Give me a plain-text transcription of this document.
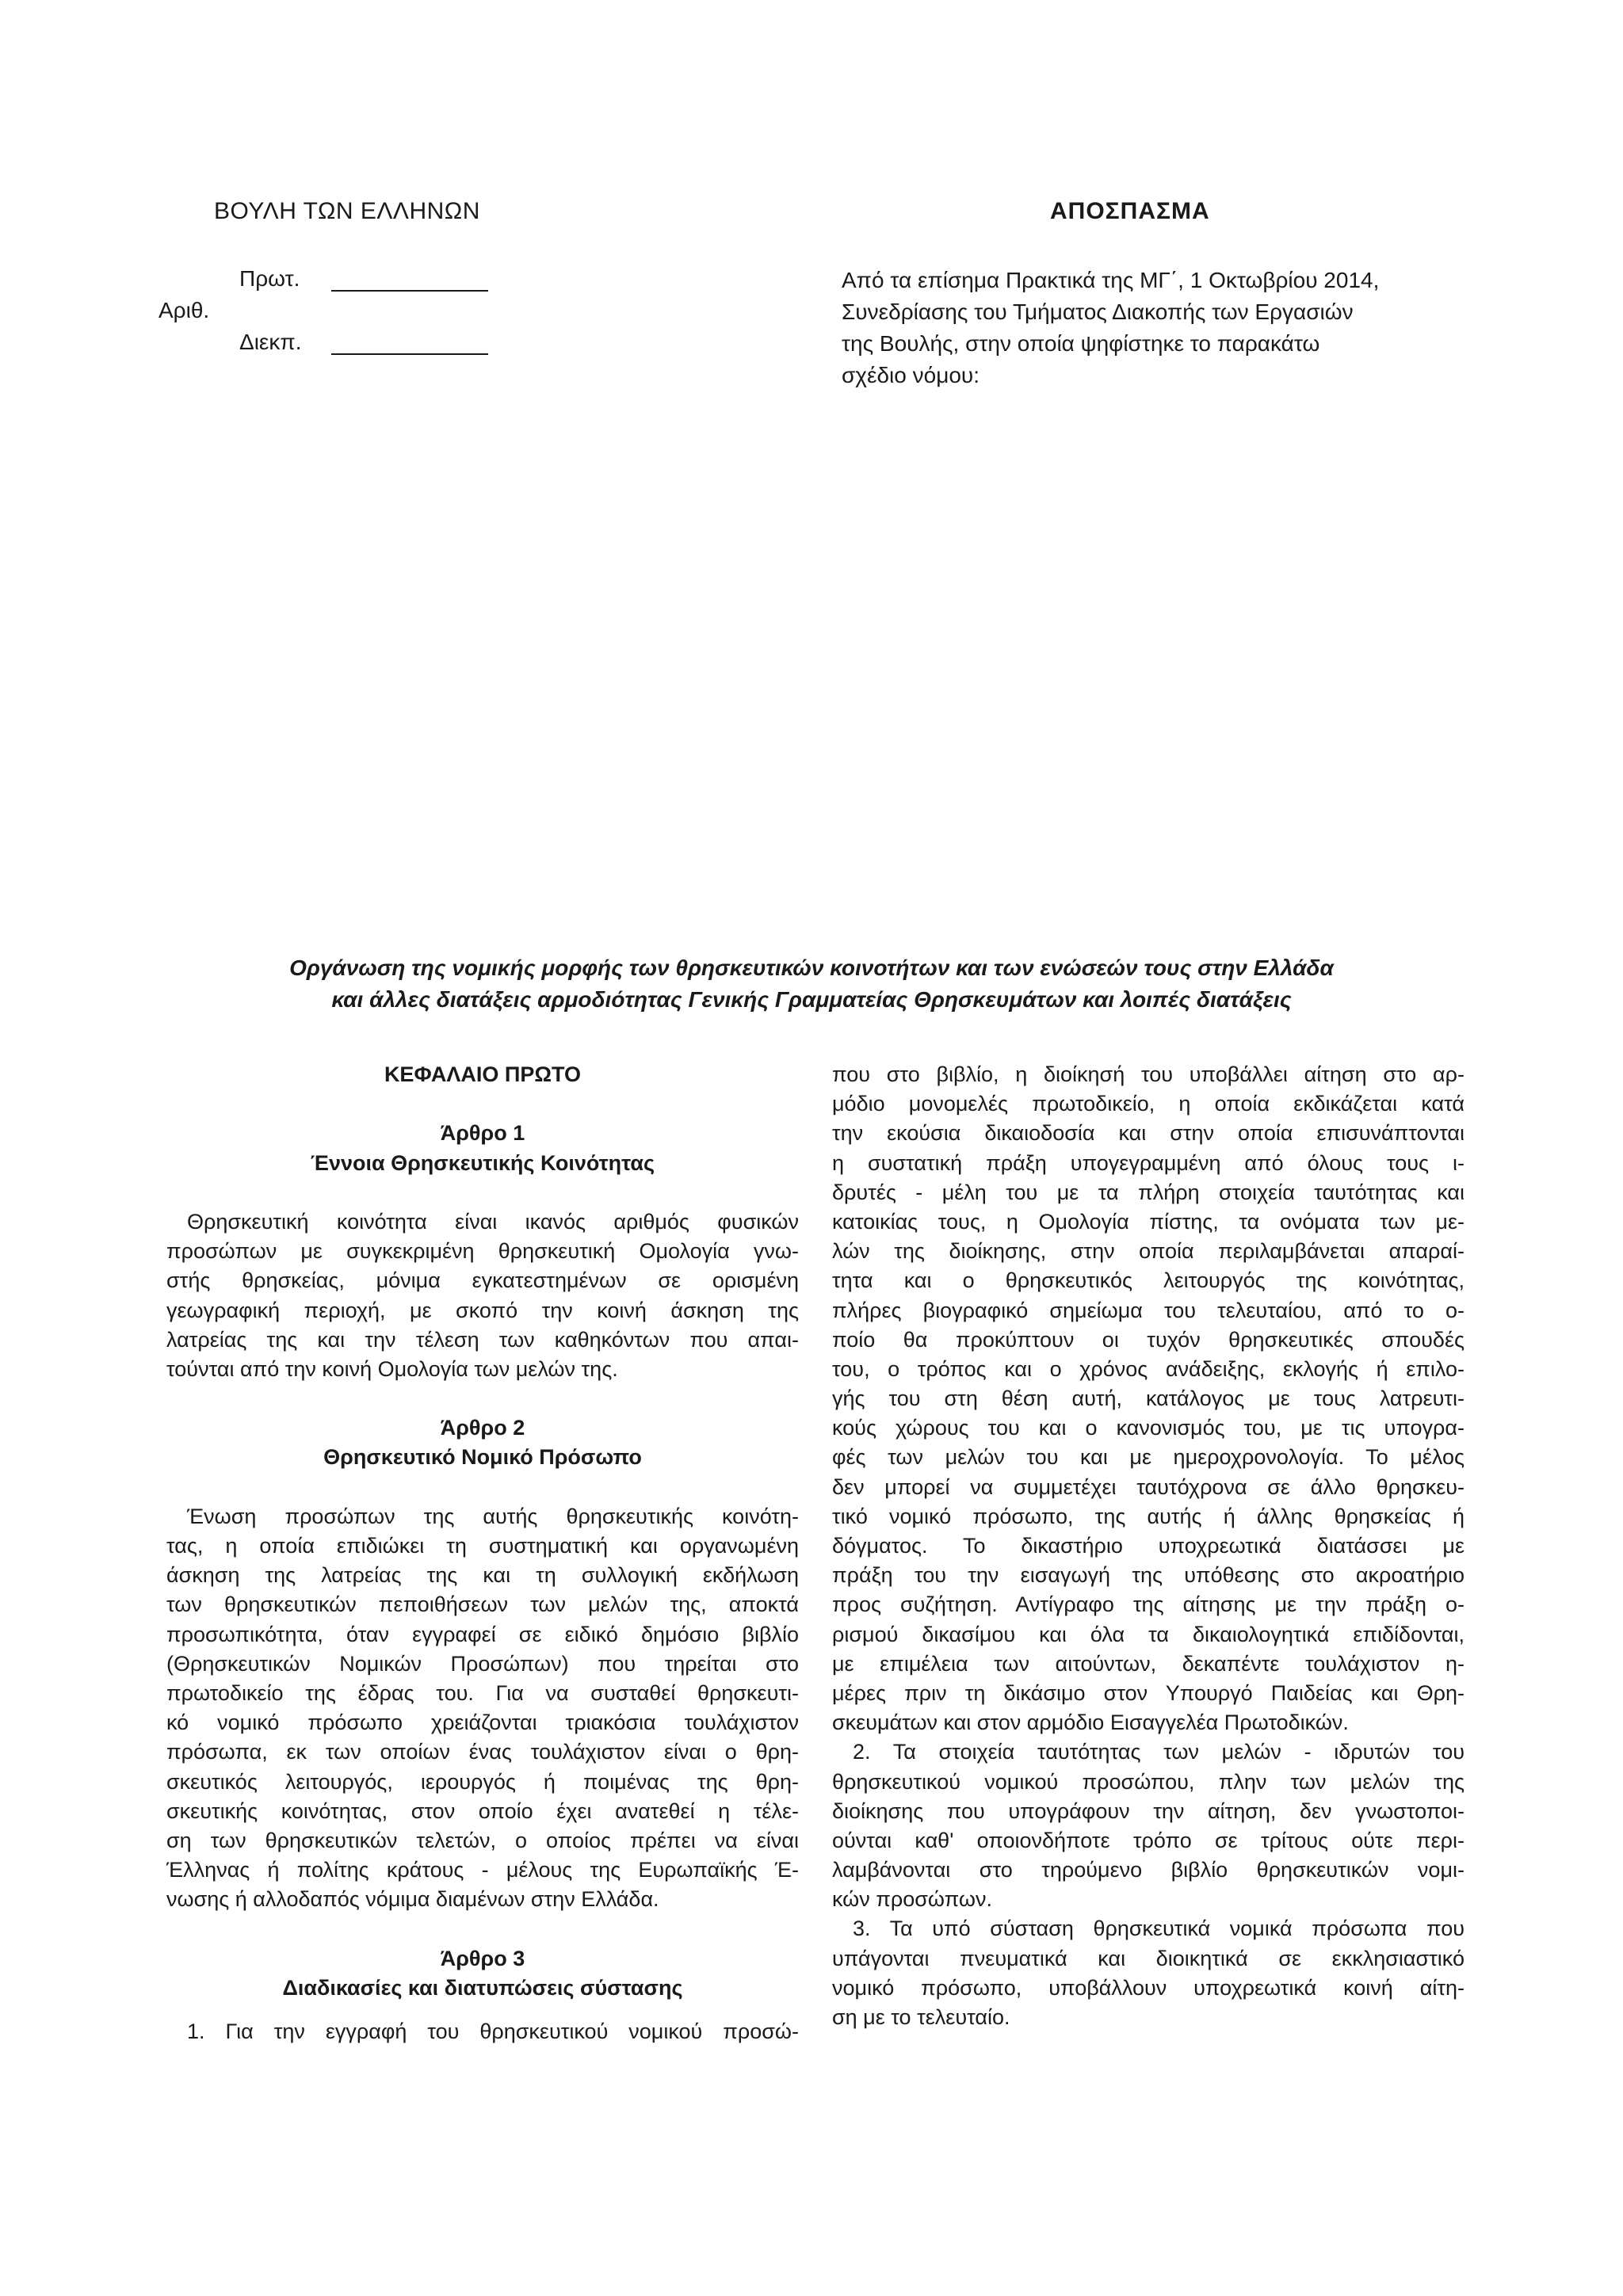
ΒΟΥΛΗ ΤΩΝ ΕΛΛΗΝΩΝ
Πρωτ.
Αριθ.
Διεκπ.
ΑΠΟΣΠΑΣΜΑ
Από τα επίσημα Πρακτικά της ΜΓ΄, 1 Οκτωβρίου 2014,
Συνεδρίασης του Τμήματος Διακοπής των Εργασιών
της Βουλής, στην οποία ψηφίστηκε το παρακάτω
σχέδιο νόμου:
Οργάνωση της νομικής μορφής των θρησκευτικών κοινοτήτων και των ενώσεών τους στην Ελλάδα
και άλλες διατάξεις αρμοδιότητας Γενικής Γραμματείας Θρησκευμάτων και λοιπές διατάξεις
ΚΕΦΑΛΑΙΟ ΠΡΩΤΟ
Άρθρο 1
Έννοια Θρησκευτικής Κοινότητας
Θρησκευτική κοινότητα είναι ικανός αριθμός φυσικών
προσώπων με συγκεκριμένη θρησκευτική Ομολογία γνω-
στής θρησκείας, μόνιμα εγκατεστημένων σε ορισμένη
γεωγραφική περιοχή, με σκοπό την κοινή άσκηση της
λατρείας της και την τέλεση των καθηκόντων που απαι-
τούνται από την κοινή Ομολογία των μελών της.
Άρθρο 2
Θρησκευτικό Νομικό Πρόσωπο
Ένωση προσώπων της αυτής θρησκευτικής κοινότη-
τας, η οποία επιδιώκει τη συστηματική και οργανωμένη
άσκηση της λατρείας της και τη συλλογική εκδήλωση
των θρησκευτικών πεποιθήσεων των μελών της, αποκτά
προσωπικότητα, όταν εγγραφεί σε ειδικό δημόσιο βιβλίο
(Θρησκευτικών Νομικών Προσώπων) που τηρείται στο
πρωτοδικείο της έδρας του. Για να συσταθεί θρησκευτι-
κό νομικό πρόσωπο χρειάζονται τριακόσια τουλάχιστον
πρόσωπα, εκ των οποίων ένας τουλάχιστον είναι ο θρη-
σκευτικός λειτουργός, ιερουργός ή ποιμένας της θρη-
σκευτικής κοινότητας, στον οποίο έχει ανατεθεί η τέλε-
ση των θρησκευτικών τελετών, ο οποίος πρέπει να είναι
Έλληνας ή πολίτης κράτους - μέλους της Ευρωπαϊκής Έ-
νωσης ή αλλοδαπός νόμιμα διαμένων στην Ελλάδα.
Άρθρο 3
Διαδικασίες και διατυπώσεις σύστασης
1. Για την εγγραφή του θρησκευτικού νομικού προσώ-
που στο βιβλίο, η διοίκησή του υποβάλλει αίτηση στο αρ-
μόδιο μονομελές πρωτοδικείο, η οποία εκδικάζεται κατά
την εκούσια δικαιοδοσία και στην οποία επισυνάπτονται
η συστατική πράξη υπογεγραμμένη από όλους τους ι-
δρυτές - μέλη του με τα πλήρη στοιχεία ταυτότητας και
κατοικίας τους, η Ομολογία πίστης, τα ονόματα των με-
λών της διοίκησης, στην οποία περιλαμβάνεται απαραί-
τητα και ο θρησκευτικός λειτουργός της κοινότητας,
πλήρες βιογραφικό σημείωμα του τελευταίου, από το ο-
ποίο θα προκύπτουν οι τυχόν θρησκευτικές σπουδές
του, ο τρόπος και ο χρόνος ανάδειξης, εκλογής ή επιλο-
γής του στη θέση αυτή, κατάλογος με τους λατρευτι-
κούς χώρους του και ο κανονισμός του, με τις υπογρα-
φές των μελών του και με ημεροχρονολογία. Το μέλος
δεν μπορεί να συμμετέχει ταυτόχρονα σε άλλο θρησκευ-
τικό νομικό πρόσωπο, της αυτής ή άλλης θρησκείας ή
δόγματος. Το δικαστήριο υποχρεωτικά διατάσσει με
πράξη του την εισαγωγή της υπόθεσης στο ακροατήριο
προς συζήτηση. Αντίγραφο της αίτησης με την πράξη ο-
ρισμού δικασίμου και όλα τα δικαιολογητικά επιδίδονται,
με επιμέλεια των αιτούντων, δεκαπέντε τουλάχιστον η-
μέρες πριν τη δικάσιμο στον Υπουργό Παιδείας και Θρη-
σκευμάτων και στον αρμόδιο Εισαγγελέα Πρωτοδικών.
2. Τα στοιχεία ταυτότητας των μελών - ιδρυτών του
θρησκευτικού νομικού προσώπου, πλην των μελών της
διοίκησης που υπογράφουν την αίτηση, δεν γνωστοποι-
ούνται καθ' οποιονδήποτε τρόπο σε τρίτους ούτε περι-
λαμβάνονται στο τηρούμενο βιβλίο θρησκευτικών νομι-
κών προσώπων.
3. Τα υπό σύσταση θρησκευτικά νομικά πρόσωπα που
υπάγονται πνευματικά και διοικητικά σε εκκλησιαστικό
νομικό πρόσωπο, υποβάλλουν υποχρεωτικά κοινή αίτη-
ση με το τελευταίο.
